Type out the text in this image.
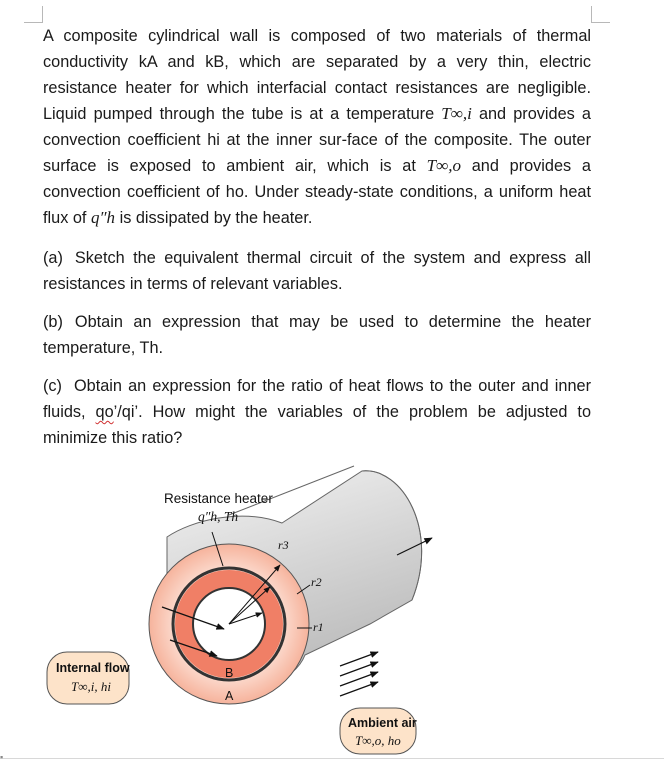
A composite cylindrical wall is composed of two materials of thermal conductivity kA and kB, which are separated by a very thin, electric resistance heater for which interfacial contact resistances are negligible. Liquid pumped through the tube is at a temperature T∞,i and provides a convection coefficient hi at the inner sur-face of the composite. The outer surface is exposed to ambient air, which is at T∞,o and provides a convection coefficient of ho. Under steady-state conditions, a uniform heat flux of q″h is dissipated by the heater.

(a) Sketch the equivalent thermal circuit of the system and express all resistances in terms of relevant variables.

(b) Obtain an expression that may be used to determine the heater temperature, Th.

(c) Obtain an expression for the ratio of heat flows to the outer and inner fluids, qo’/qi’. How might the variables of the problem be adjusted to minimize this ratio?

Resistance heater
q″h, Th
r3
r2
r1
B
A
Internal flow
T∞,i, hi
Ambient air
T∞,o, ho
▪
